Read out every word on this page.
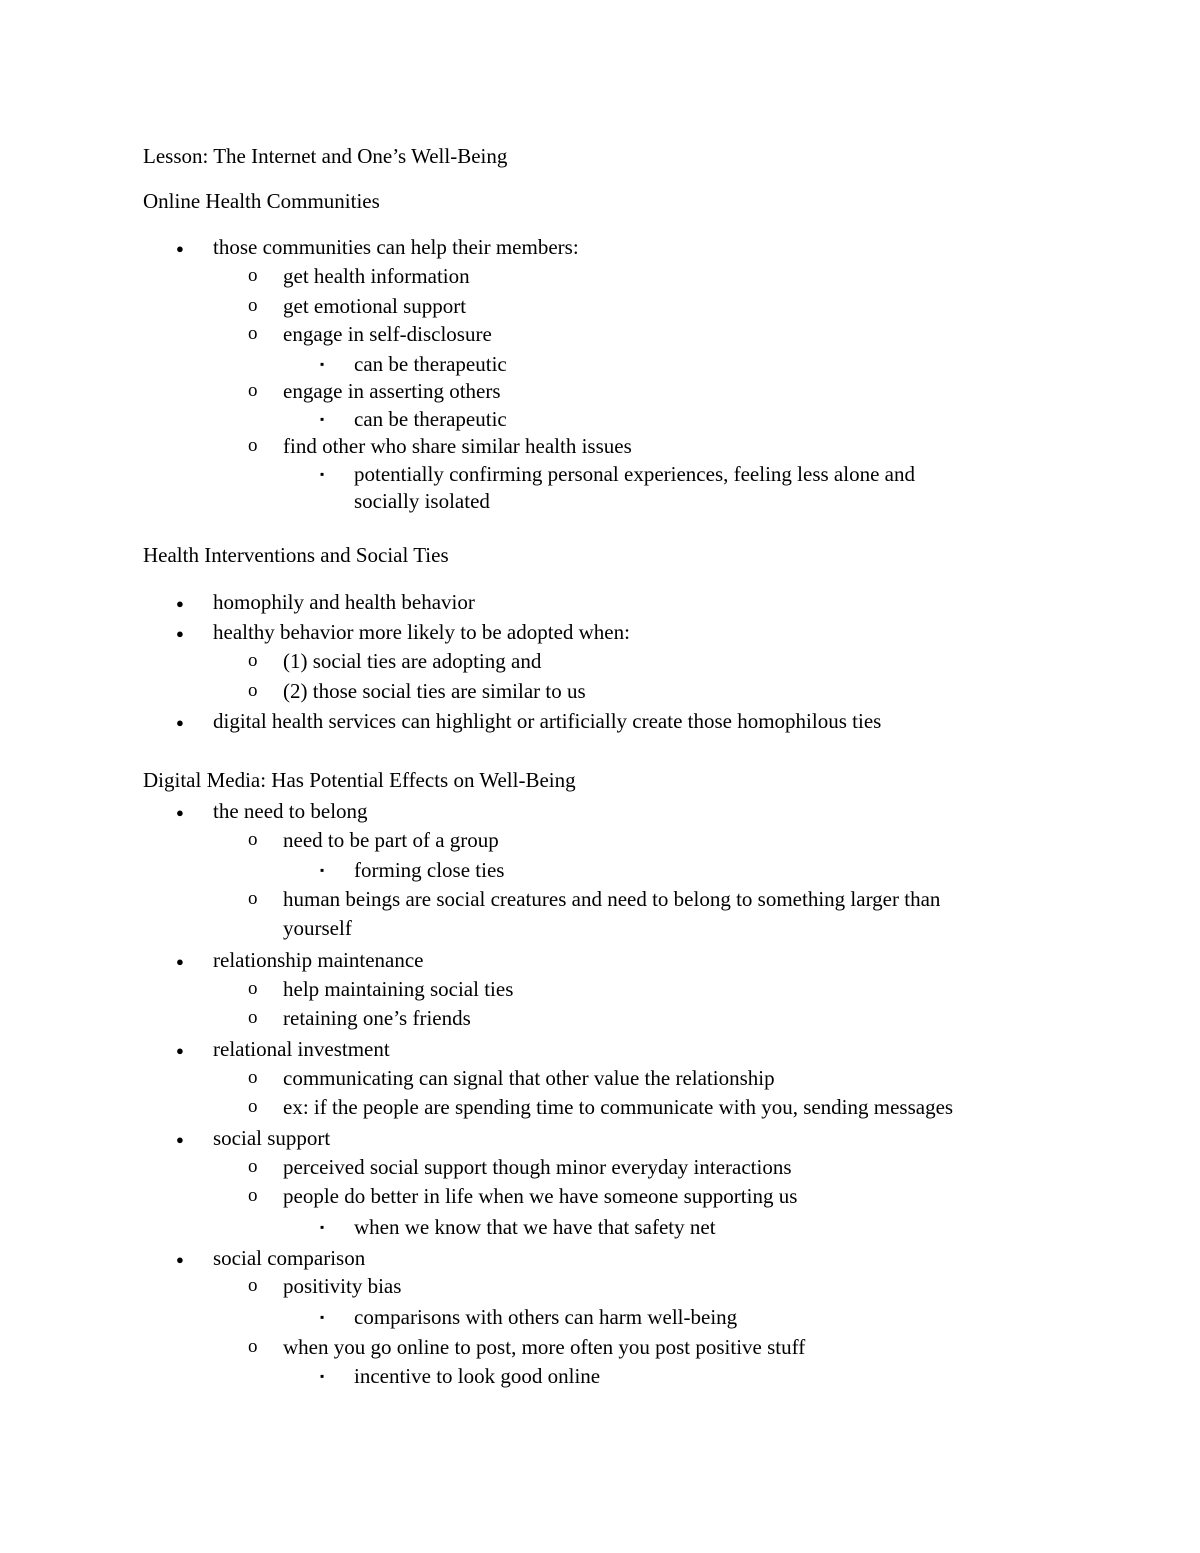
Lesson: The Internet and One’s Well-Being
Online Health Communities
● those communities can help their members:
o get health information
o get emotional support
o engage in self-disclosure
▪ can be therapeutic
o engage in asserting others
▪ can be therapeutic
o find other who share similar health issues
▪ potentially confirming personal experiences, feeling less alone and
socially isolated
Health Interventions and Social Ties
● homophily and health behavior
● healthy behavior more likely to be adopted when:
o (1) social ties are adopting and
o (2) those social ties are similar to us
● digital health services can highlight or artificially create those homophilous ties
Digital Media: Has Potential Effects on Well-Being
● the need to belong
o need to be part of a group
▪ forming close ties
o human beings are social creatures and need to belong to something larger than
yourself
● relationship maintenance
o help maintaining social ties
o retaining one’s friends
● relational investment
o communicating can signal that other value the relationship
o ex: if the people are spending time to communicate with you, sending messages
● social support
o perceived social support though minor everyday interactions
o people do better in life when we have someone supporting us
▪ when we know that we have that safety net
● social comparison
o positivity bias
▪ comparisons with others can harm well-being
o when you go online to post, more often you post positive stuff
▪ incentive to look good online
